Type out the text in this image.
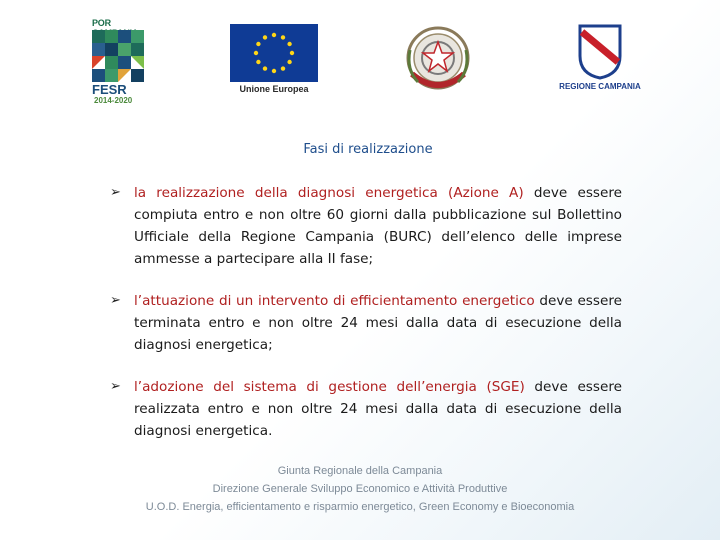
POR
FESR
2014-2020
Unione Europea	REGIONE CAMPANIA
Fasi di realizzazione
➢ la realizzazione della diagnosi energetica (Azione A) deve essere compiuta entro e non oltre 60 giorni dalla pubblicazione sul Bollettino Ufficiale della Regione Campania (BURC) dell’elenco delle imprese ammesse a partecipare alla II fase;
➢ l’attuazione di un intervento di efficientamento energetico deve essere terminata entro e non oltre 24 mesi dalla data di esecuzione della diagnosi energetica;
➢ l’adozione del sistema di gestione dell’energia (SGE) deve essere realizzata entro e non oltre 24 mesi dalla data di esecuzione della diagnosi energetica.
Giunta Regionale della Campania
Direzione Generale Sviluppo Economico e Attività Produttive
U.O.D. Energia, efficientamento e risparmio energetico, Green Economy e Bioeconomia
